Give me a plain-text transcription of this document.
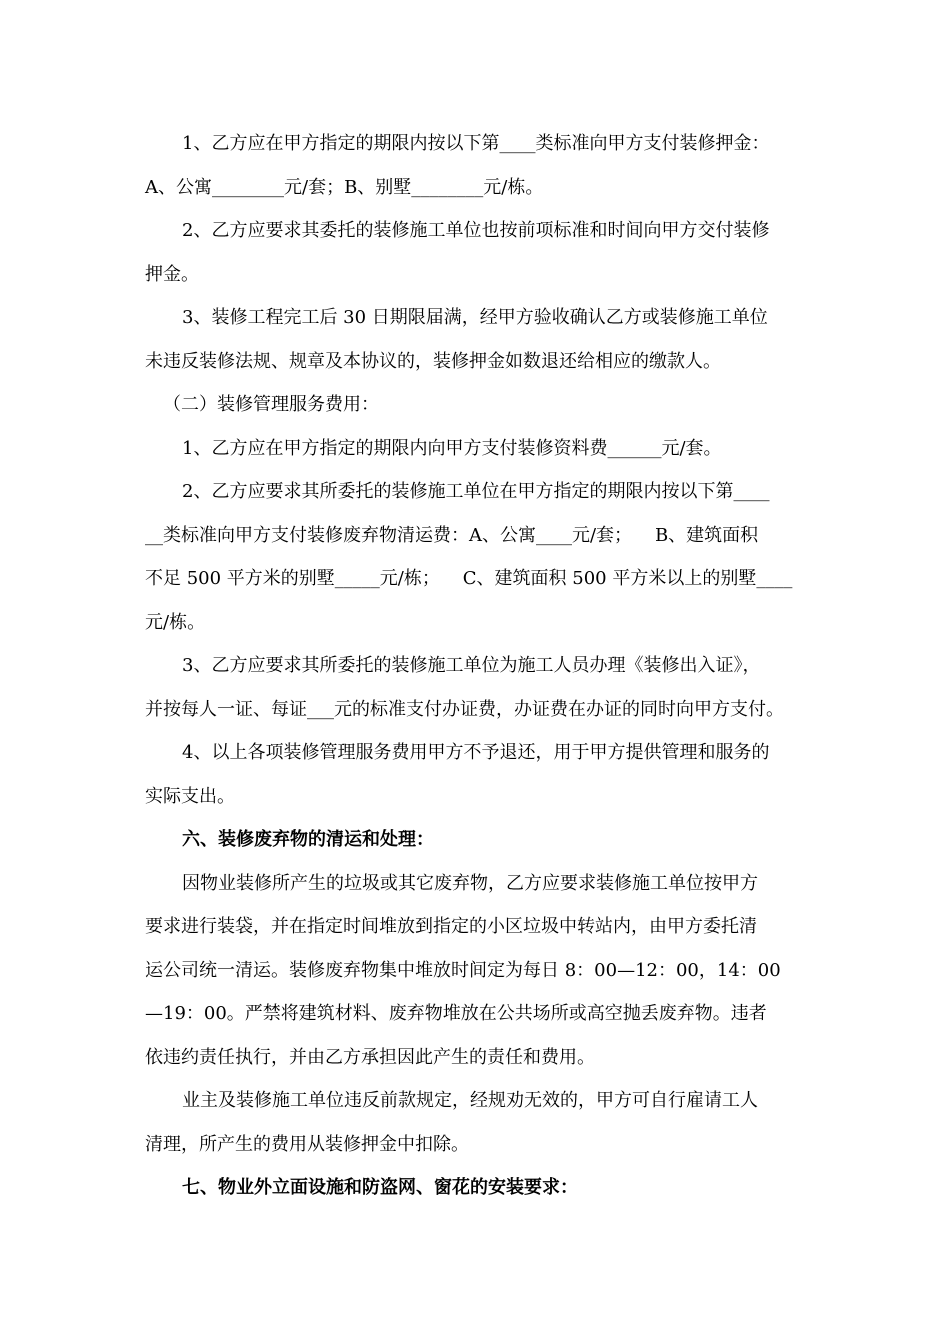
1、乙方应在甲方指定的期限内按以下第____类标准向甲方支付装修押金：
A、公寓________元/套；B、别墅________元/栋。
2、乙方应要求其委托的装修施工单位也按前项标准和时间向甲方交付装修
押金。
3、装修工程完工后 30 日期限届满，经甲方验收确认乙方或装修施工单位
未违反装修法规、规章及本协议的，装修押金如数退还给相应的缴款人。
（二）装修管理服务费用：
1、乙方应在甲方指定的期限内向甲方支付装修资料费______元/套。
2、乙方应要求其所委托的装修施工单位在甲方指定的期限内按以下第____
__类标准向甲方支付装修废弃物清运费：A、公寓____元/套；    B、建筑面积
不足 500 平方米的别墅_____元/栋；    C、建筑面积 500 平方米以上的别墅____
元/栋。
3、乙方应要求其所委托的装修施工单位为施工人员办理《装修出入证》，
并按每人一证、每证___元的标准支付办证费，办证费在办证的同时向甲方支付。
4、以上各项装修管理服务费用甲方不予退还，用于甲方提供管理和服务的
实际支出。
六、装修废弃物的清运和处理：
因物业装修所产生的垃圾或其它废弃物，乙方应要求装修施工单位按甲方
要求进行装袋，并在指定时间堆放到指定的小区垃圾中转站内，由甲方委托清
运公司统一清运。装修废弃物集中堆放时间定为每日 8：00—12：00，14：00
—19：00。严禁将建筑材料、废弃物堆放在公共场所或高空抛丢废弃物。违者
依违约责任执行，并由乙方承担因此产生的责任和费用。
业主及装修施工单位违反前款规定，经规劝无效的，甲方可自行雇请工人
清理，所产生的费用从装修押金中扣除。
七、物业外立面设施和防盗网、窗花的安装要求：
